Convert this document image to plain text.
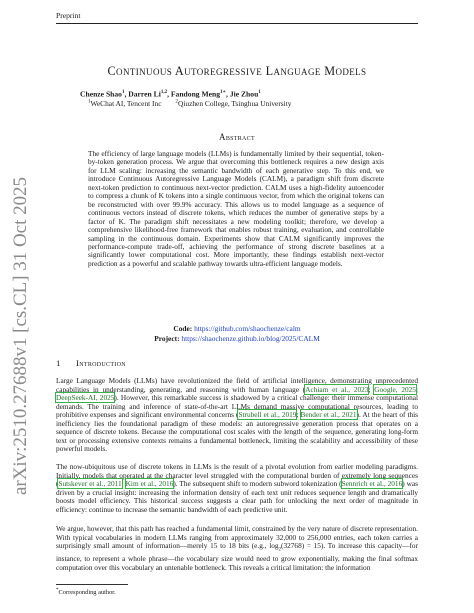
Preprint
arXiv:2510.27688v1 [cs.CL] 31 Oct 2025
Continuous Autoregressive Language Models
Chenze Shao$^1$, Darren Li$^{1,2}$, Fandong Meng$^{1∗}$, Jie Zhou$^1$
$^1$WeChat AI, Tencent Inc	$^2$Qiuzhen College, Tsinghua University
Abstract
The efficiency of large language models (LLMs) is fundamentally limited by their sequential, token-by-token generation process. We argue that overcoming this bottleneck requires a new design axis for LLM scaling: increasing the semantic bandwidth of each generative step. To this end, we introduce Continuous Autoregressive Language Models (CALM), a paradigm shift from discrete next-token prediction to continuous next-vector prediction. CALM uses a high-fidelity autoencoder to compress a chunk of K tokens into a single continuous vector, from which the original tokens can be reconstructed with over 99.9% accuracy. This allows us to model language as a sequence of continuous vectors instead of discrete tokens, which reduces the number of generative steps by a factor of K. The paradigm shift necessitates a new modeling toolkit; therefore, we develop a comprehensive likelihood-free framework that enables robust training, evaluation, and controllable sampling in the continuous domain. Experiments show that CALM significantly improves the performance-compute trade-off, achieving the performance of strong discrete baselines at a significantly lower computational cost. More importantly, these findings establish next-vector prediction as a powerful and scalable pathway towards ultra-efficient language models.
Code: https://github.com/shaochenze/calm
Project: https://shaochenze.github.io/blog/2025/CALM
1 Introduction
Large Language Models (LLMs) have revolutionized the field of artificial intelligence, demonstrating unprecedented capabilities in understanding, generating, and reasoning with human language (Achiam et al., 2023; Google, 2025; DeepSeek-AI, 2025). However, this remarkable success is shadowed by a critical challenge: their immense computational demands. The training and inference of state-of-the-art LLMs demand massive computational resources, leading to prohibitive expenses and significant environmental concerns (Strubell et al., 2019; Bender et al., 2021). At the heart of this inefficiency lies the foundational paradigm of these models: an autoregressive generation process that operates on a sequence of discrete tokens. Because the computational cost scales with the length of the sequence, generating long-form text or processing extensive contexts remains a fundamental bottleneck, limiting the scalability and accessibility of these powerful models.
The now-ubiquitous use of discrete tokens in LLMs is the result of a pivotal evolution from earlier modeling paradigms. Initially, models that operated at the character level struggled with the computational burden of extremely long sequences (Sutskever et al., 2011; Kim et al., 2016). The subsequent shift to modern subword tokenization (Sennrich et al., 2016) was driven by a crucial insight: increasing the information density of each text unit reduces sequence length and dramatically boosts model efficiency. This historical success suggests a clear path for unlocking the next order of magnitude in efficiency: continue to increase the semantic bandwidth of each predictive unit.
We argue, however, that this path has reached a fundamental limit, constrained by the very nature of discrete representation. With typical vocabularies in modern LLMs ranging from approximately 32,000 to 256,000 entries, each token carries a surprisingly small amount of information—merely 15 to 18 bits (e.g., $\log_2(32768) = 15$). To increase this capacity—for instance, to represent a whole phrase—the vocabulary size would need to grow exponentially, making the final softmax computation over this vocabulary an untenable bottleneck. This reveals a critical limitation: the information
*Corresponding author.
